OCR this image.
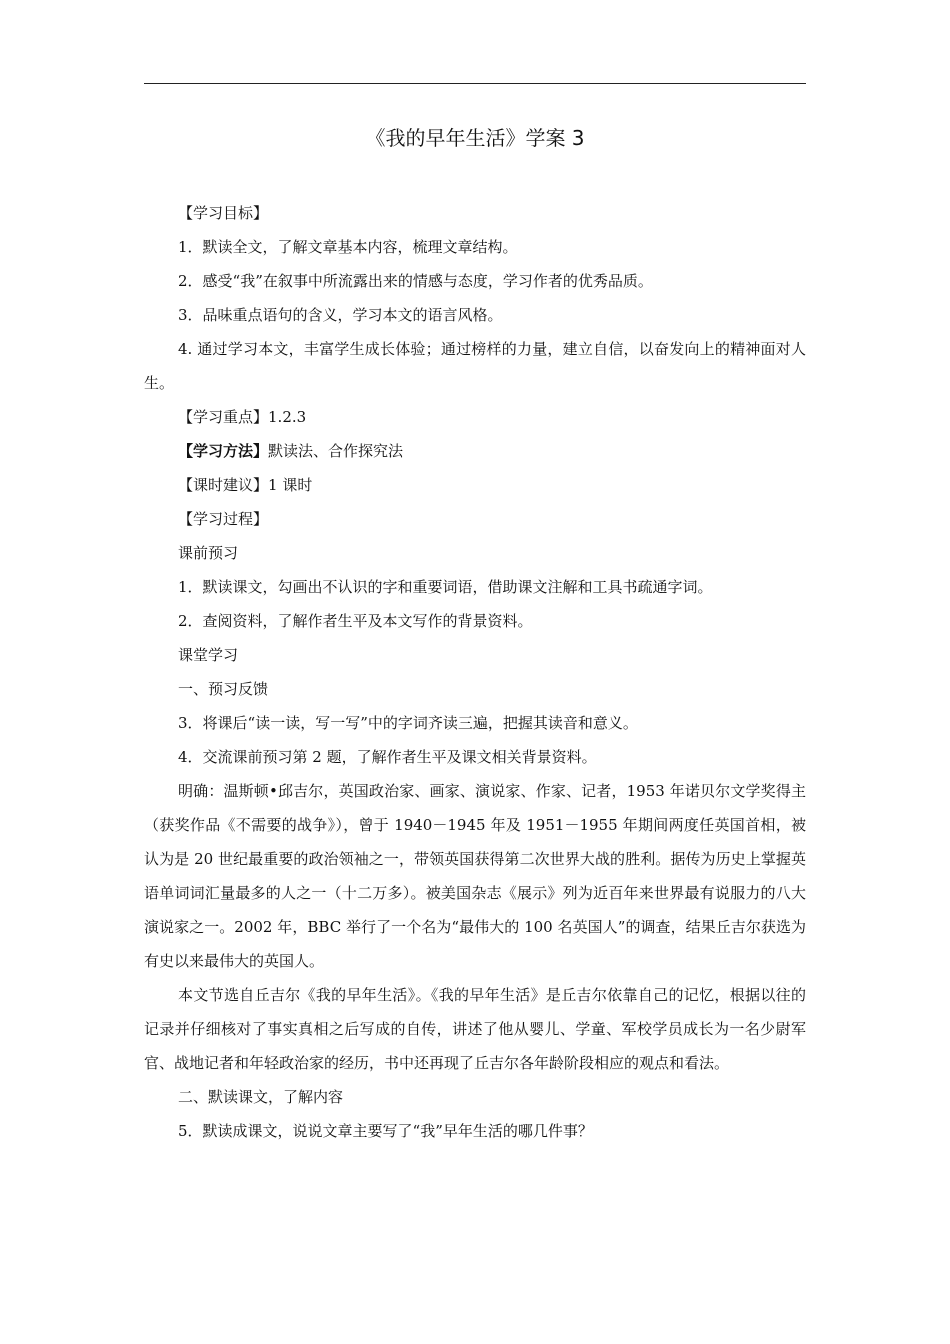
《我的早年生活》学案 3

【学习目标】

1．默读全文，了解文章基本内容，梳理文章结构。

2．感受“我”在叙事中所流露出来的情感与态度，学习作者的优秀品质。

3．品味重点语句的含义，学习本文的语言风格。

4. 通过学习本文，丰富学生成长体验；通过榜样的力量，建立自信，以奋发向上的精神面对人生。

【学习重点】1.2.3

【学习方法】默读法、合作探究法

【课时建议】1 课时

【学习过程】

课前预习

1．默读课文，勾画出不认识的字和重要词语，借助课文注解和工具书疏通字词。

2．查阅资料，了解作者生平及本文写作的背景资料。

课堂学习

一、预习反馈

3．将课后“读一读，写一写”中的字词齐读三遍，把握其读音和意义。

4．交流课前预习第 2 题，了解作者生平及课文相关背景资料。

明确：温斯顿•邱吉尔，英国政治家、画家、演说家、作家、记者，1953 年诺贝尔文学奖得主（获奖作品《不需要的战争》），曾于 1940－1945 年及 1951－1955 年期间两度任英国首相，被认为是 20 世纪最重要的政治领袖之一，带领英国获得第二次世界大战的胜利。据传为历史上掌握英语单词词汇量最多的人之一（十二万多）。被美国杂志《展示》列为近百年来世界最有说服力的八大演说家之一。2002 年，BBC 举行了一个名为“最伟大的 100 名英国人”的调查，结果丘吉尔获选为有史以来最伟大的英国人。

本文节选自丘吉尔《我的早年生活》。《我的早年生活》是丘吉尔依靠自己的记忆，根据以往的记录并仔细核对了事实真相之后写成的自传，讲述了他从婴儿、学童、军校学员成长为一名少尉军官、战地记者和年轻政治家的经历，书中还再现了丘吉尔各年龄阶段相应的观点和看法。

二、默读课文，了解内容

5．默读成课文，说说文章主要写了“我”早年生活的哪几件事？
